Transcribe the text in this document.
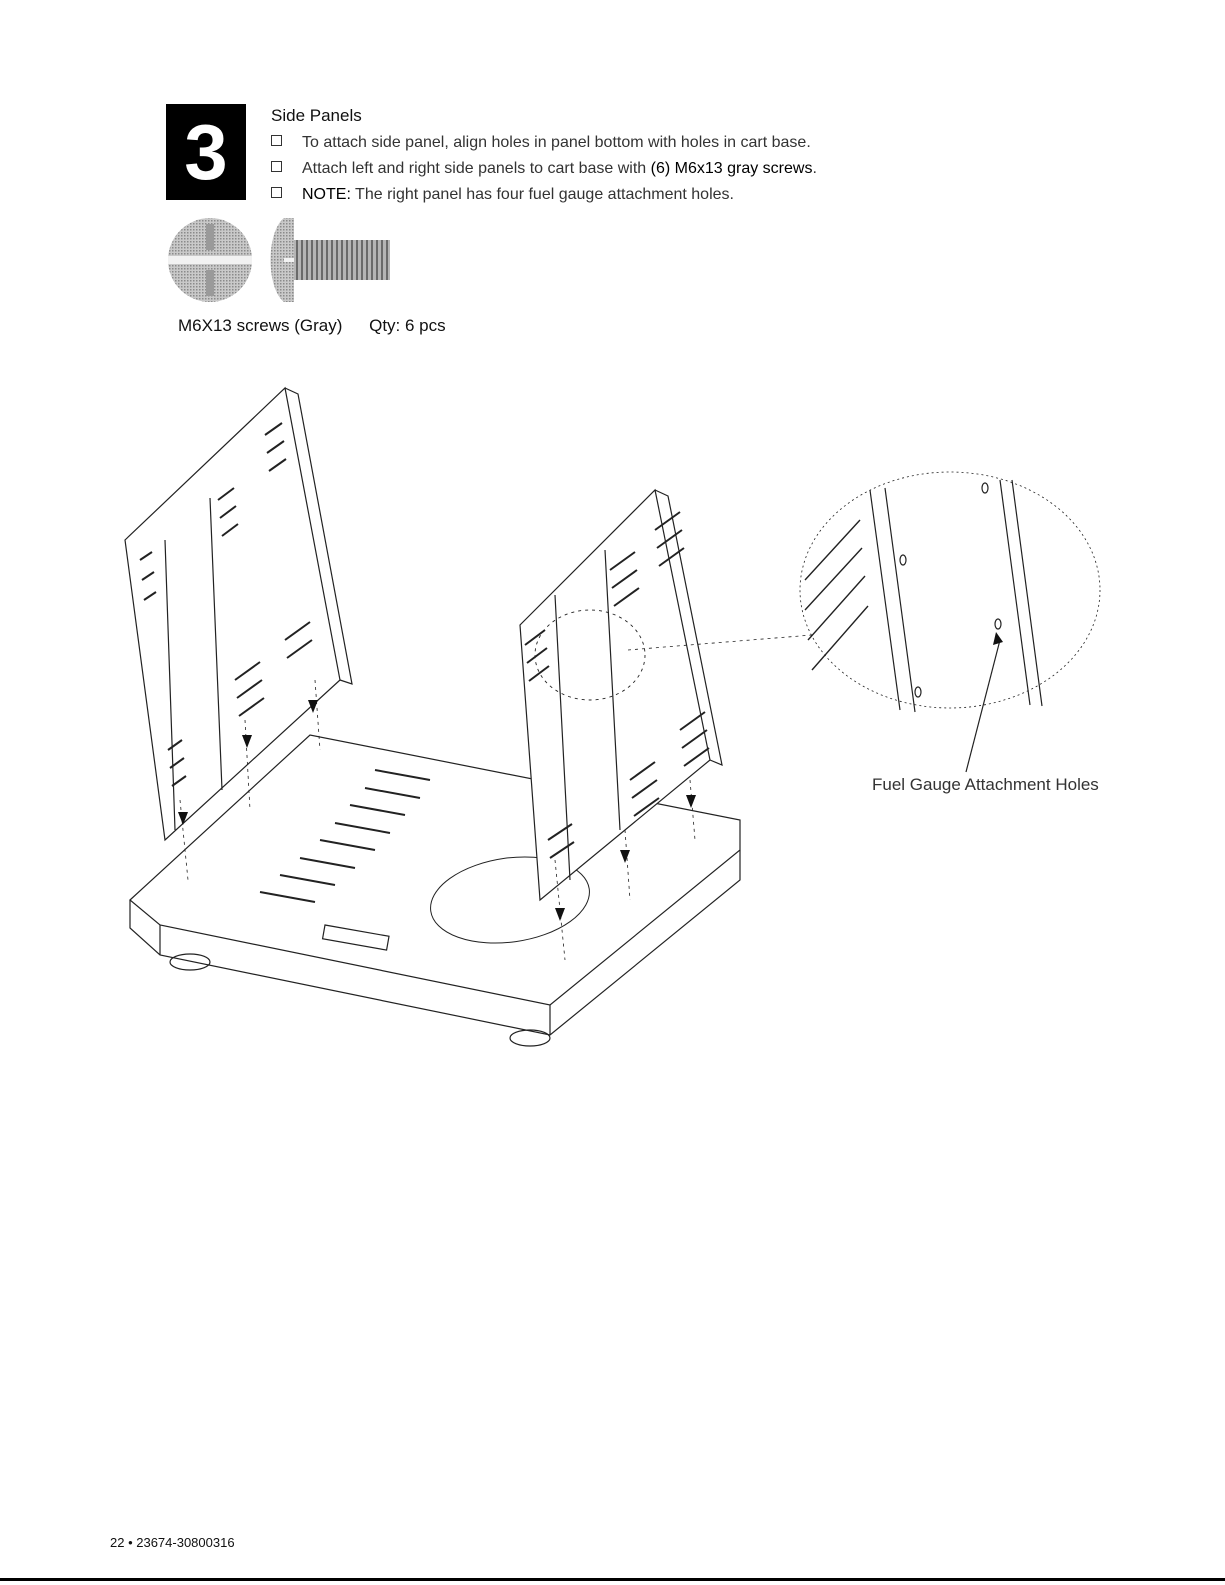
3	Side Panels
To attach side panel, align holes in panel bottom with holes in cart base.
Attach left and right side panels to cart base with (6) M6x13 gray screws.
NOTE: The right panel has four fuel gauge attachment holes.
M6X13 screws (Gray) Qty: 6 pcs
Fuel Gauge Attachment Holes
22 • 23674-30800316
